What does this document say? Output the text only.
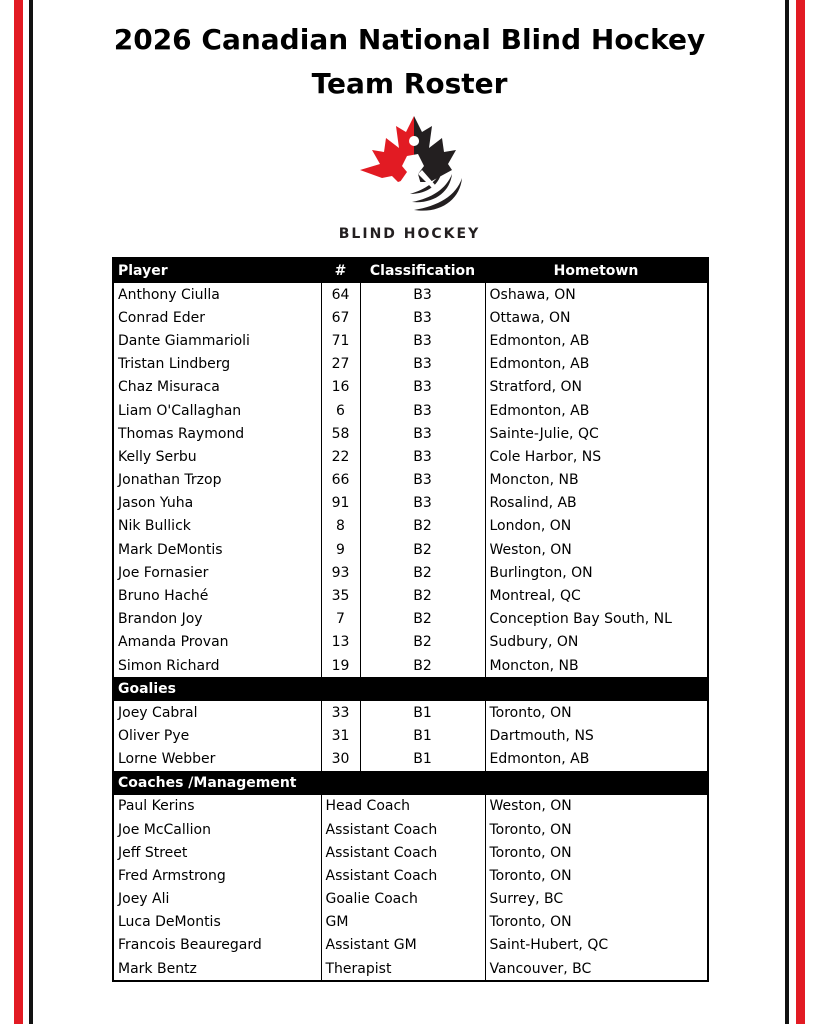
2026 Canadian National Blind Hockey
Team Roster
BLIND HOCKEY
Player	#	Classification	Hometown
Anthony Ciulla	64	B3	Oshawa, ON
Conrad Eder	67	B3	Ottawa, ON
Dante Giammarioli	71	B3	Edmonton, AB
Tristan Lindberg	27	B3	Edmonton, AB
Chaz Misuraca	16	B3	Stratford, ON
Liam O'Callaghan	6	B3	Edmonton, AB
Thomas Raymond	58	B3	Sainte-Julie, QC
Kelly Serbu	22	B3	Cole Harbor, NS
Jonathan Trzop	66	B3	Moncton, NB
Jason Yuha	91	B3	Rosalind, AB
Nik Bullick	8	B2	London, ON
Mark DeMontis	9	B2	Weston, ON
Joe Fornasier	93	B2	Burlington, ON
Bruno Haché	35	B2	Montreal, QC
Brandon Joy	7	B2	Conception Bay South, NL
Amanda Provan	13	B2	Sudbury, ON
Simon Richard	19	B2	Moncton, NB
Goalies			
Joey Cabral	33	B1	Toronto, ON
Oliver Pye	31	B1	Dartmouth, NS
Lorne Webber	30	B1	Edmonton, AB
Coaches /Management			
Paul Kerins	Head Coach		Weston, ON
Joe McCallion	Assistant Coach		Toronto, ON
Jeff Street	Assistant Coach		Toronto, ON
Fred Armstrong	Assistant Coach		Toronto, ON
Joey Ali	Goalie Coach		Surrey, BC
Luca DeMontis	GM		Toronto, ON
Francois Beauregard	Assistant GM		Saint-Hubert, QC
Mark Bentz	Therapist		Vancouver, BC
